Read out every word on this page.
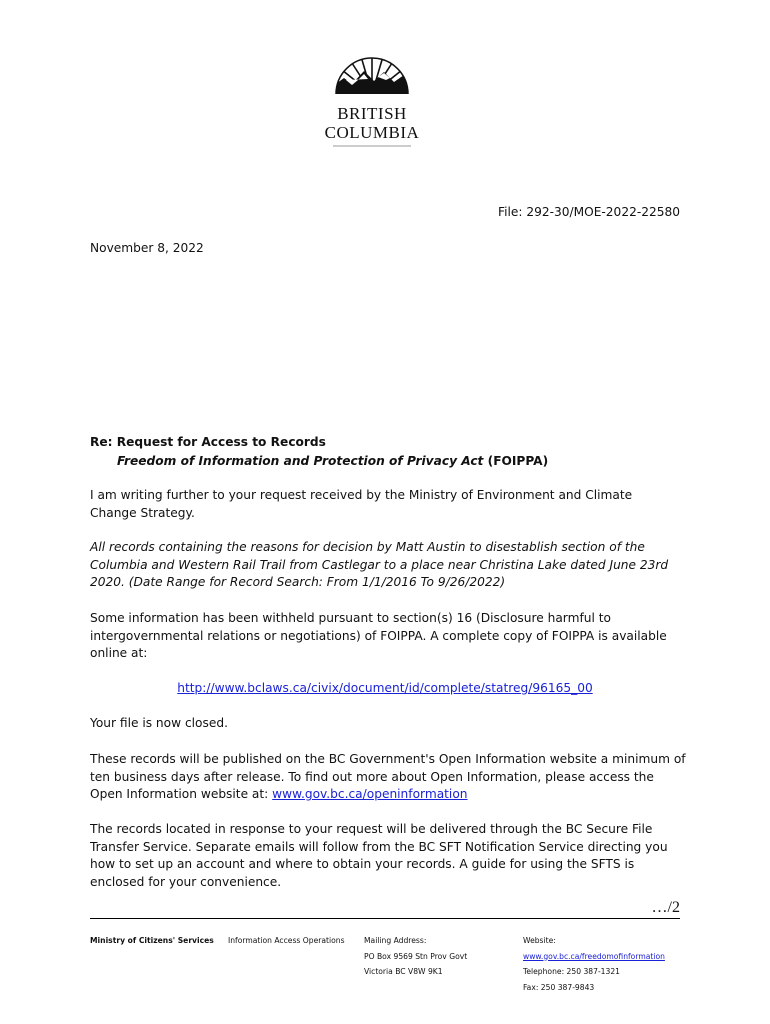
BRITISH
COLUMBIA
File: 292-30/MOE-2022-22580
November 8, 2022
Re: Request for Access to Records
Freedom of Information and Protection of Privacy Act (FOIPPA)
I am writing further to your request received by the Ministry of Environment and Climate Change Strategy.
All records containing the reasons for decision by Matt Austin to disestablish section of the Columbia and Western Rail Trail from Castlegar to a place near Christina Lake dated June 23rd 2020. (Date Range for Record Search: From 1/1/2016 To 9/26/2022)
Some information has been withheld pursuant to section(s) 16 (Disclosure harmful to intergovernmental relations or negotiations) of FOIPPA. A complete copy of FOIPPA is available online at:
http://www.bclaws.ca/civix/document/id/complete/statreg/96165_00
Your file is now closed.
These records will be published on the BC Government's Open Information website a minimum of ten business days after release. To find out more about Open Information, please access the Open Information website at: www.gov.bc.ca/openinformation
The records located in response to your request will be delivered through the BC Secure File Transfer Service. Separate emails will follow from the BC SFT Notification Service directing you how to set up an account and where to obtain your records. A guide for using the SFTS is enclosed for your convenience.
…/2
Ministry of Citizens' Services Information Access Operations	Mailing Address:
PO Box 9569 Stn Prov Govt
Victoria BC V8W 9K1
Website:
www.gov.bc.ca/freedomofinformation
Telephone: 250 387-1321
Fax: 250 387-9843
